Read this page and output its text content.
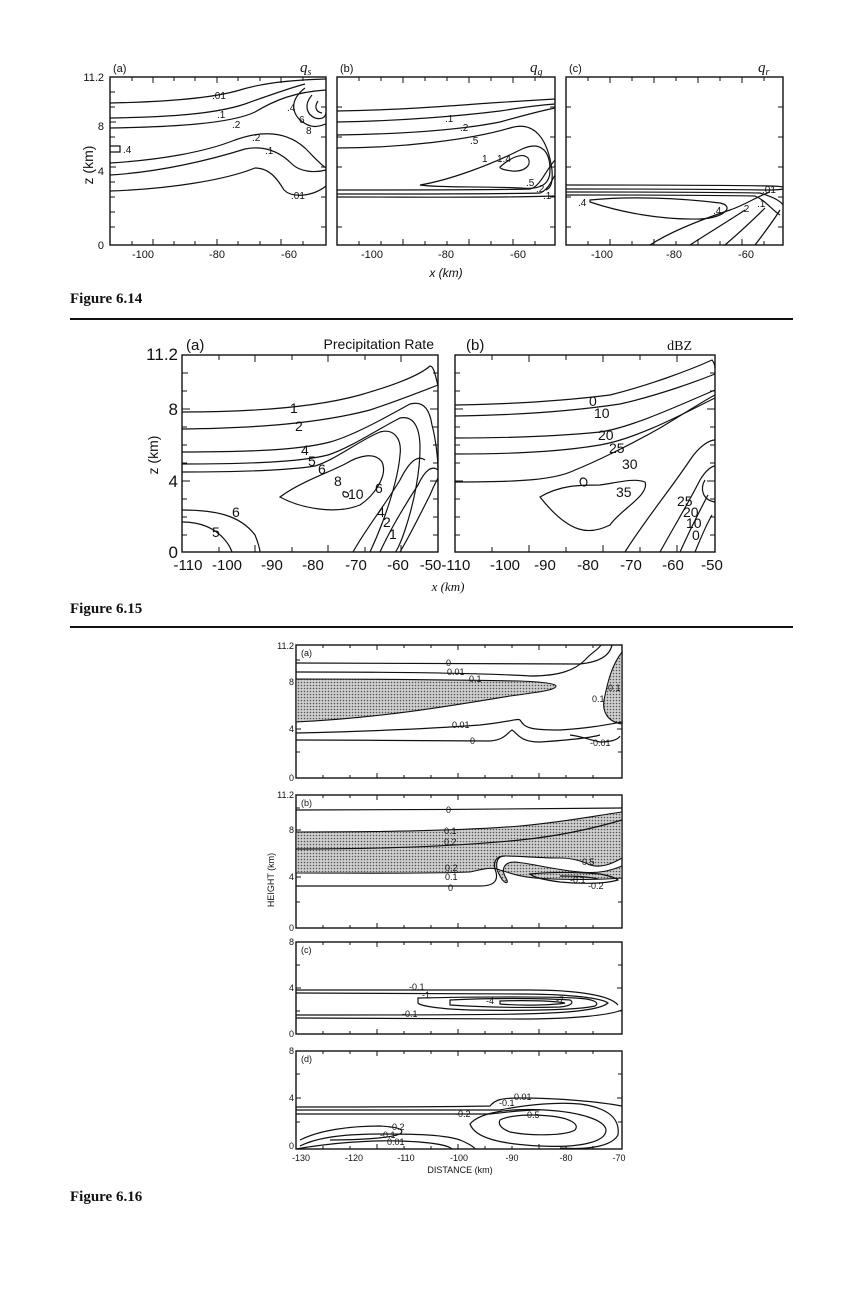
11.2
8
4
0
z (km)
(a)	(b)	(c)
$q_s$	$q_g$	$q_r$
-100	-80	-60	-100	-80	-60	-100	-80	-60
x (km)
.01
.1
.2
.4
6
8
.2
.1
.4
.01
.1
.2
.5
1 1.4
.5
.2
.1
.01
.4
.4 .2 .1
Figure 6.14
11.2
8
4
0
z (km)
(a)	Precipitation Rate (b)	dBZ
-110 -100 -90 -80 -70 -60 -50-110 -100 -90 -80 -70 -60 -50
x (km)
1
2
4
5 6
8
10 6
4
2
1
6
5
0
10
20
25
30
35
25
20
10
0
Figure 6.15
11.2
8
4
0
11.2
8
4
0
8
4
0
8
4
0
HEIGHT (km)
(a)
(b)
(c)
(d)
-130	-120	-110	-100	-90	-80	-70
DISTANCE (km)
0
0.01
0.1
0.1
0.1
0.01
0	-0.01
0
0.1
0.2
0.2
0.1
0
0.5
-0.1
-0.2
-0.1
-1
-4	-7
-0.1
0.01
-0.1
-0.2	-0.5
-0.2
-0.1
0.01
Figure 6.16
